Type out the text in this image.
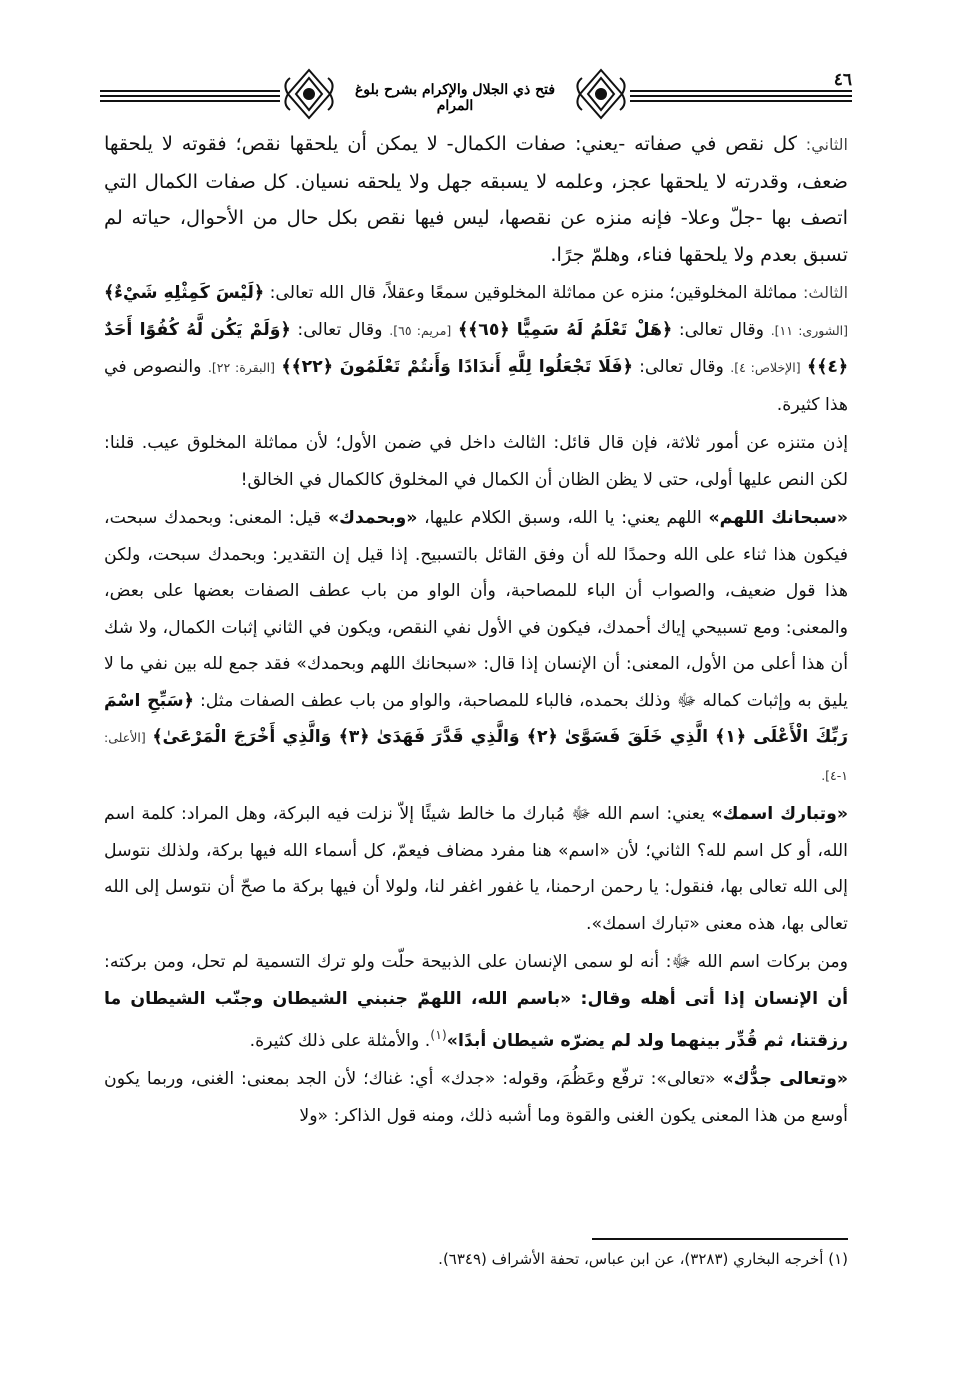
فتح ذي الجلال والإكرام بشرح بلوغ المرام
٤٦

الثاني: كل نقص في صفاته -يعني: صفات الكمال- لا يمكن أن يلحقها نقص؛ فقوته لا يلحقها ضعف، وقدرته لا يلحقها عجز، وعلمه لا يسبقه جهل ولا يلحقه نسيان. كل صفات الكمال التي اتصف بها -جلّ وعلا- فإنه منزه عن نقصها، ليس فيها نقص بكل حال من الأحوال، حياته لم تسبق بعدم ولا يلحقها فناء، وهلمّ جرًا.

الثالث: مماثلة المخلوقين؛ منزه عن مماثلة المخلوقين سمعًا وعقلاً، قال الله تعالى: ﴿لَيْسَ كَمِثْلِهِ شَيْءٌ﴾ [الشورى: ١١]. وقال تعالى: ﴿هَلْ تَعْلَمُ لَهُ سَمِيًّا ﴿٦٥﴾﴾ [مريم: ٦٥]. وقال تعالى: ﴿وَلَمْ يَكُن لَّهُ كُفُوًا أَحَدٌ ﴿٤﴾﴾ [الإخلاص: ٤]. وقال تعالى: ﴿فَلَا تَجْعَلُوا لِلَّهِ أَندَادًا وَأَنتُمْ تَعْلَمُونَ ﴿٢٢﴾﴾ [البقرة: ٢٢]. والنصوص في هذا كثيرة.

إذن متنزه عن أمور ثلاثة، فإن قال قائل: الثالث داخل في ضمن الأول؛ لأن مماثلة المخلوق عيب. قلنا: لكن النص عليها أولى، حتى لا يظن الظان أن الكمال في المخلوق كالكمال في الخالق!

«سبحانك اللهم» اللهم يعني: يا الله، وسبق الكلام عليها، «وبحمدك» قيل: المعنى: وبحمدك سبحت، فيكون هذا ثناء على الله وحمدًا لله أن وفق القائل بالتسبيح. إذا قيل إن التقدير: وبحمدك سبحت، ولكن هذا قول ضعيف، والصواب أن الباء للمصاحبة، وأن الواو من باب عطف الصفات بعضها على بعض، والمعنى: ومع تسبيحي إياك أحمدك، فيكون في الأول نفي النقص، ويكون في الثاني إثبات الكمال، ولا شك أن هذا أعلى من الأول، المعنى: أن الإنسان إذا قال: «سبحانك اللهم وبحمدك» فقد جمع لله بين نفي ما لا يليق به وإثبات كماله ﷻ وذلك بحمده، فالباء للمصاحبة، والواو من باب عطف الصفات مثل: ﴿سَبِّحِ اسْمَ رَبِّكَ الْأَعْلَى ﴿١﴾ الَّذِي خَلَقَ فَسَوَّىٰ ﴿٢﴾ وَالَّذِي قَدَّرَ فَهَدَىٰ ﴿٣﴾ وَالَّذِي أَخْرَجَ الْمَرْعَىٰ﴾ [الأعلى: ١-٤].

«وتبارك اسمك» يعني: اسم الله ﷻ مُبارك ما خالط شيئًا إلاّ نزلت فيه البركة، وهل المراد: كلمة اسم الله، أو كل اسم لله؟ الثاني؛ لأن «اسم» هنا مفرد مضاف فيعمّ، كل أسماء الله فيها بركة، ولذلك نتوسل إلى الله تعالى بها، فنقول: يا رحمن ارحمنا، يا غفور اغفر لنا، ولولا أن فيها بركة ما صحّ أن نتوسل إلى الله تعالى بها، هذه معنى «تبارك اسمك».

ومن بركات اسم الله ﷻ: أنه لو سمى الإنسان على الذبيحة حلّت ولو ترك التسمية لم تحل، ومن بركته: أن الإنسان إذا أتى أهله وقال: «باسم الله، اللهمّ جنبني الشيطان وجنّب الشيطان ما رزقتنا، ثم قُدِّر بينهما ولد لم يضرّه شيطان أبدًا»$^{(١)}$. والأمثلة على ذلك كثيرة.

«وتعالى جدُّك» «تعالى»: ترفّع وعَظُمَ، وقوله: «جدك» أي: غناك؛ لأن الجد بمعنى: الغنى، وربما يكون أوسع من هذا المعنى يكون الغنى والقوة وما أشبه ذلك، ومنه قول الذاكر: «ولا

(١) أخرجه البخاري (٣٢٨٣)، عن ابن عباس، تحفة الأشراف (٦٣٤٩).
